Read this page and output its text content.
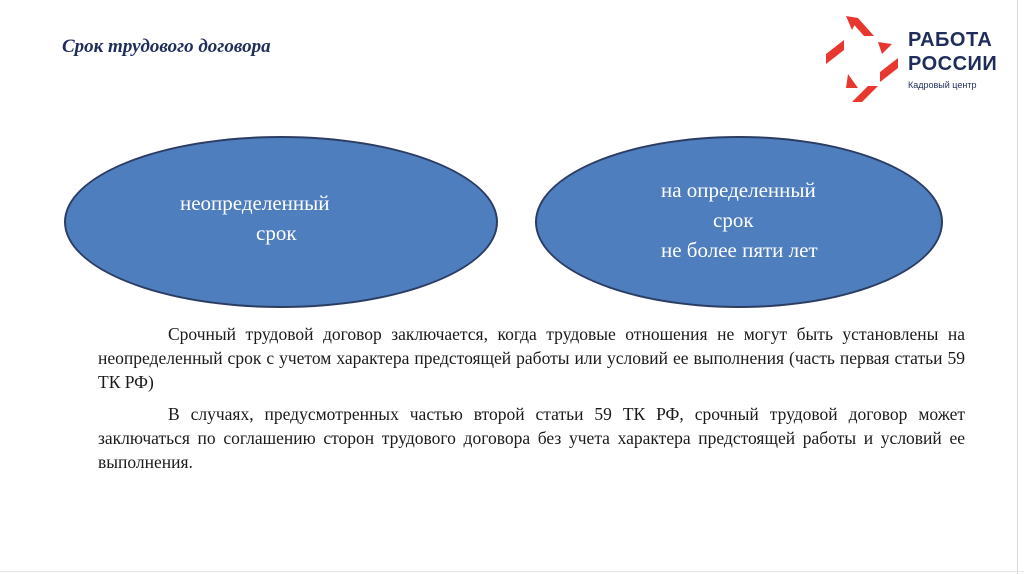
Срок трудового договора	РАБОТА
РОССИИ
Кадровый центр
неопределенный
срок
на определенный
срок
не более пяти лет

Срочный трудовой договор заключается, когда трудовые отношения не могут быть установлены на неопределенный срок с учетом характера предстоящей работы или условий ее выполнения (часть первая статьи 59 ТК РФ)

В случаях, предусмотренных частью второй статьи 59 ТК РФ, срочный трудовой договор может заключаться по соглашению сторон трудового договора без учета характера предстоящей работы и условий ее выполнения.
